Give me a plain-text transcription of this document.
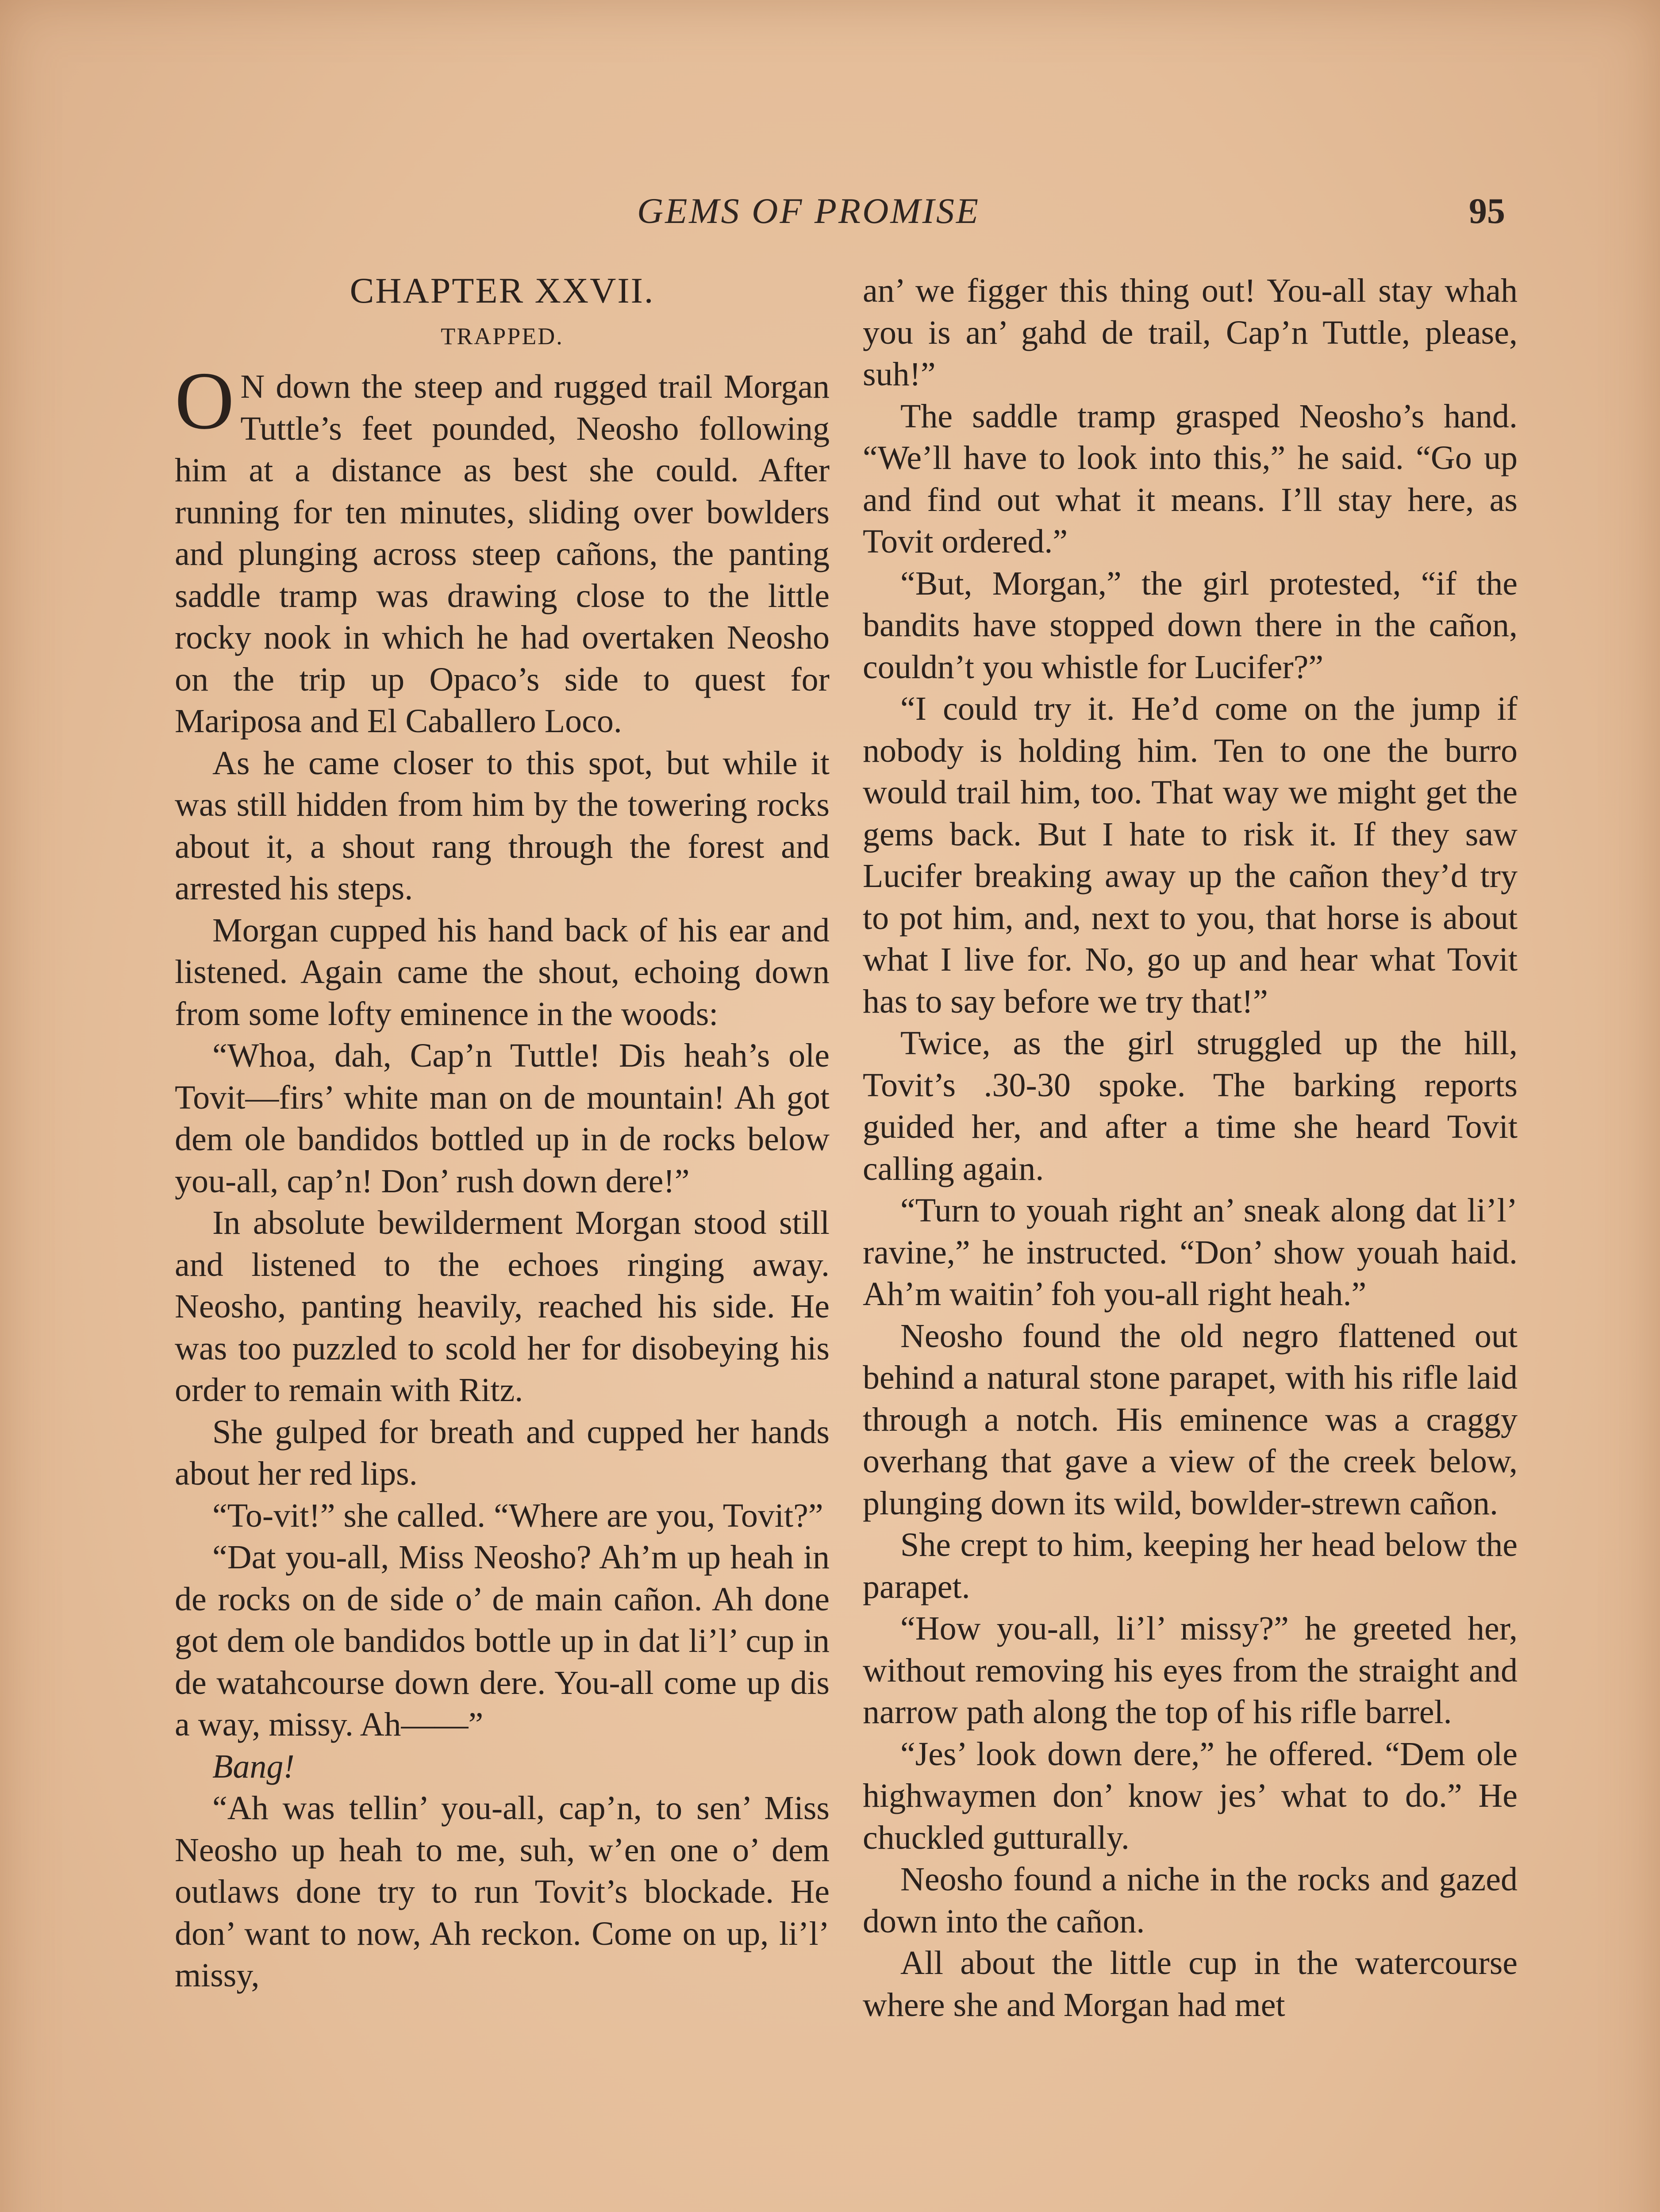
GEMS OF PROMISE	95
CHAPTER XXVII.
TRAPPED.

O N down the steep and rugged trail Morgan Tuttle’s feet pounded, Neosho following him at a distance as best she could. After running for ten minutes, sliding over bowlders and plunging across steep cañons, the panting saddle tramp was drawing close to the little rocky nook in which he had overtaken Neosho on the trip up Opaco’s side to quest for Mariposa and El Caballero Loco.

As he came closer to this spot, but while it was still hidden from him by the towering rocks about it, a shout rang through the forest and arrested his steps.

Morgan cupped his hand back of his ear and listened. Again came the shout, echoing down from some lofty eminence in the woods:

“Whoa, dah, Cap’n Tuttle! Dis heah’s ole Tovit—firs’ white man on de mountain! Ah got dem ole bandidos bottled up in de rocks below you-all, cap’n! Don’ rush down dere!”

In absolute bewilderment Morgan stood still and listened to the echoes ringing away. Neosho, panting heavily, reached his side. He was too puzzled to scold her for disobeying his order to remain with Ritz.

She gulped for breath and cupped her hands about her red lips.

“To-vit!” she called. “Where are you, Tovit?”

“Dat you-all, Miss Neosho? Ah’m up heah in de rocks on de side o’ de main cañon. Ah done got dem ole bandidos bottle up in dat li’l’ cup in de watahcourse down dere. You-all come up dis a way, missy. Ah——”

Bang!

“Ah was tellin’ you-all, cap’n, to sen’ Miss Neosho up heah to me, suh, w’en one o’ dem outlaws done try to run Tovit’s blockade. He don’ want to now, Ah reckon. Come on up, li’l’ missy,

an’ we figger this thing out! You-all stay whah you is an’ gahd de trail, Cap’n Tuttle, please, suh!”

The saddle tramp grasped Neosho’s hand. “We’ll have to look into this,” he said. “Go up and find out what it means. I’ll stay here, as Tovit ordered.”

“But, Morgan,” the girl protested, “if the bandits have stopped down there in the cañon, couldn’t you whistle for Lucifer?”

“I could try it. He’d come on the jump if nobody is holding him. Ten to one the burro would trail him, too. That way we might get the gems back. But I hate to risk it. If they saw Lucifer breaking away up the cañon they’d try to pot him, and, next to you, that horse is about what I live for. No, go up and hear what Tovit has to say before we try that!”

Twice, as the girl struggled up the hill, Tovit’s .30-30 spoke. The barking reports guided her, and after a time she heard Tovit calling again.

“Turn to youah right an’ sneak along dat li’l’ ravine,” he instructed. “Don’ show youah haid. Ah’m waitin’ foh you-all right heah.”

Neosho found the old negro flattened out behind a natural stone parapet, with his rifle laid through a notch. His eminence was a craggy overhang that gave a view of the creek below, plunging down its wild, bowlder-strewn cañon.

She crept to him, keeping her head below the parapet.

“How you-all, li’l’ missy?” he greeted her, without removing his eyes from the straight and narrow path along the top of his rifle barrel.

“Jes’ look down dere,” he offered. “Dem ole highwaymen don’ know jes’ what to do.” He chuckled gutturally.

Neosho found a niche in the rocks and gazed down into the cañon.

All about the little cup in the watercourse where she and Morgan had met
